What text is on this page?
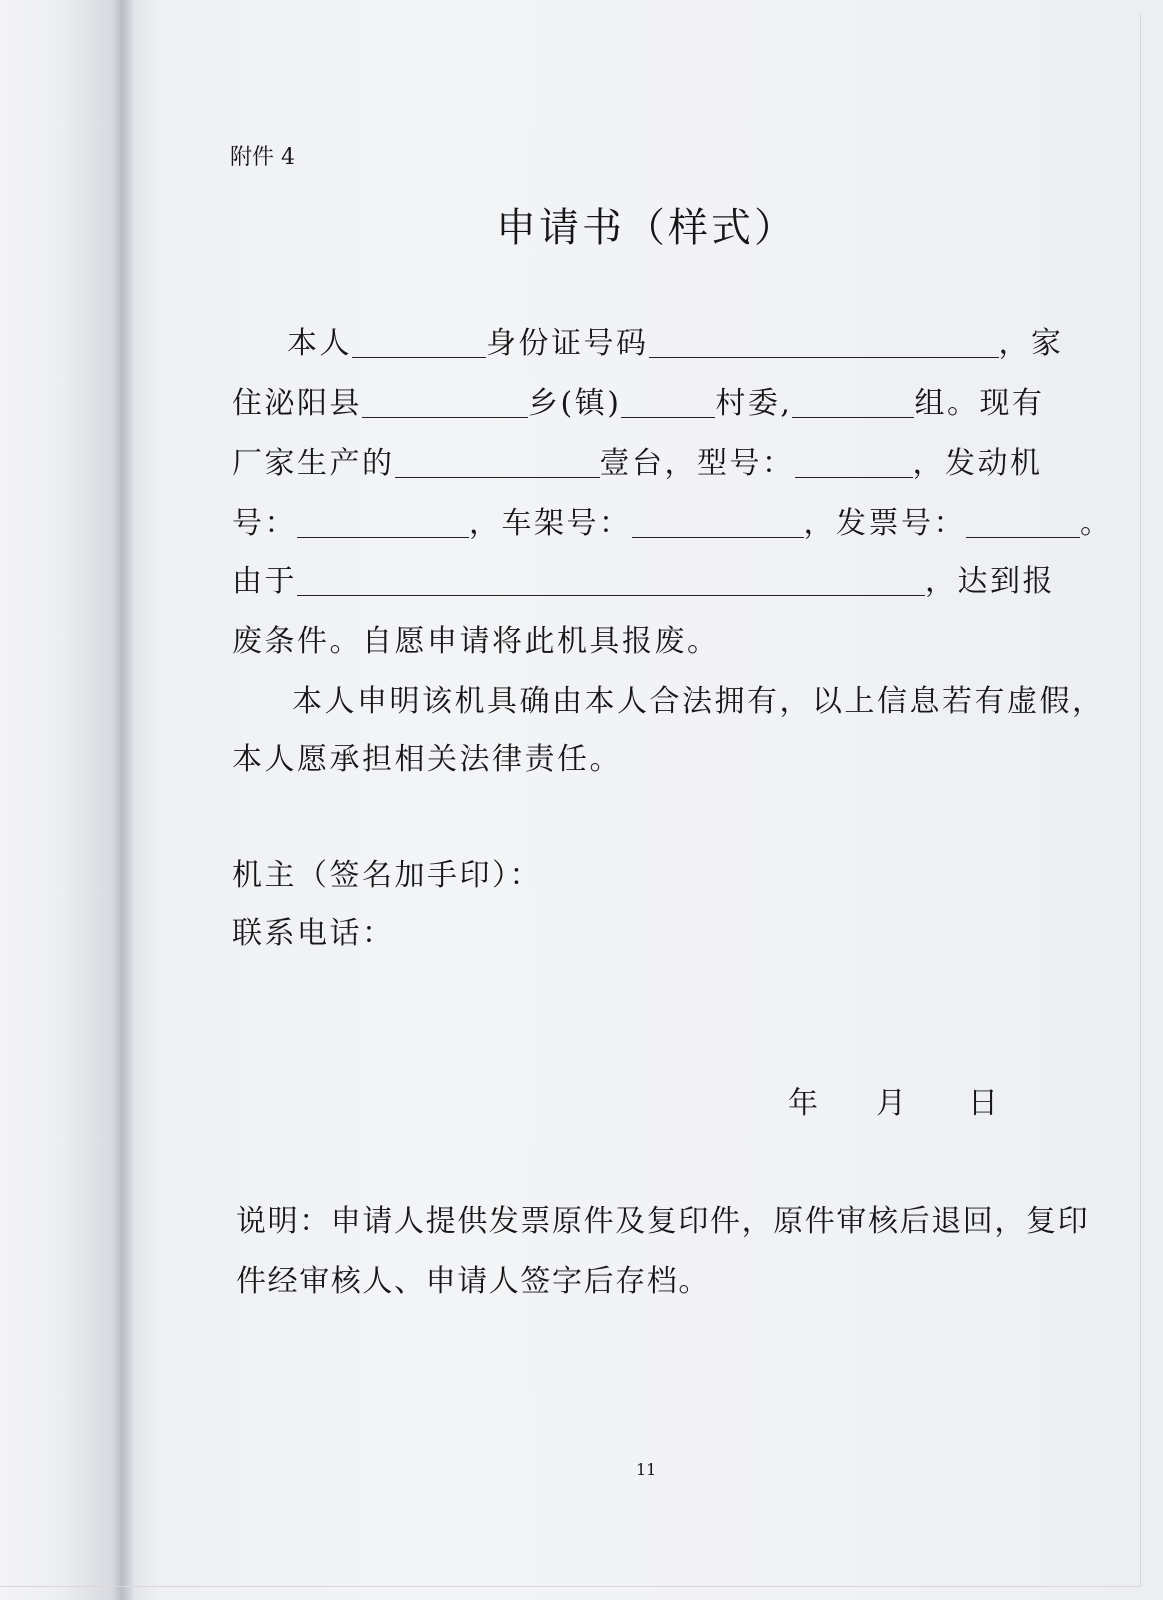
附件 4
申请书（样式）
本人	身份证号码	，家
住泌阳县	乡(镇)	村委,	组。现有
厂家生产的	壹台，型号：	，发动机
号：	，车架号：	，发票号：	。
由于	，达到报
废条件。自愿申请将此机具报废。
本人申明该机具确由本人合法拥有，以上信息若有虚假，
本人愿承担相关法律责任。
机主（签名加手印）：
联系电话：
年 月 日
说明：申请人提供发票原件及复印件，原件审核后退回，复印
件经审核人、申请人签字后存档。
11
